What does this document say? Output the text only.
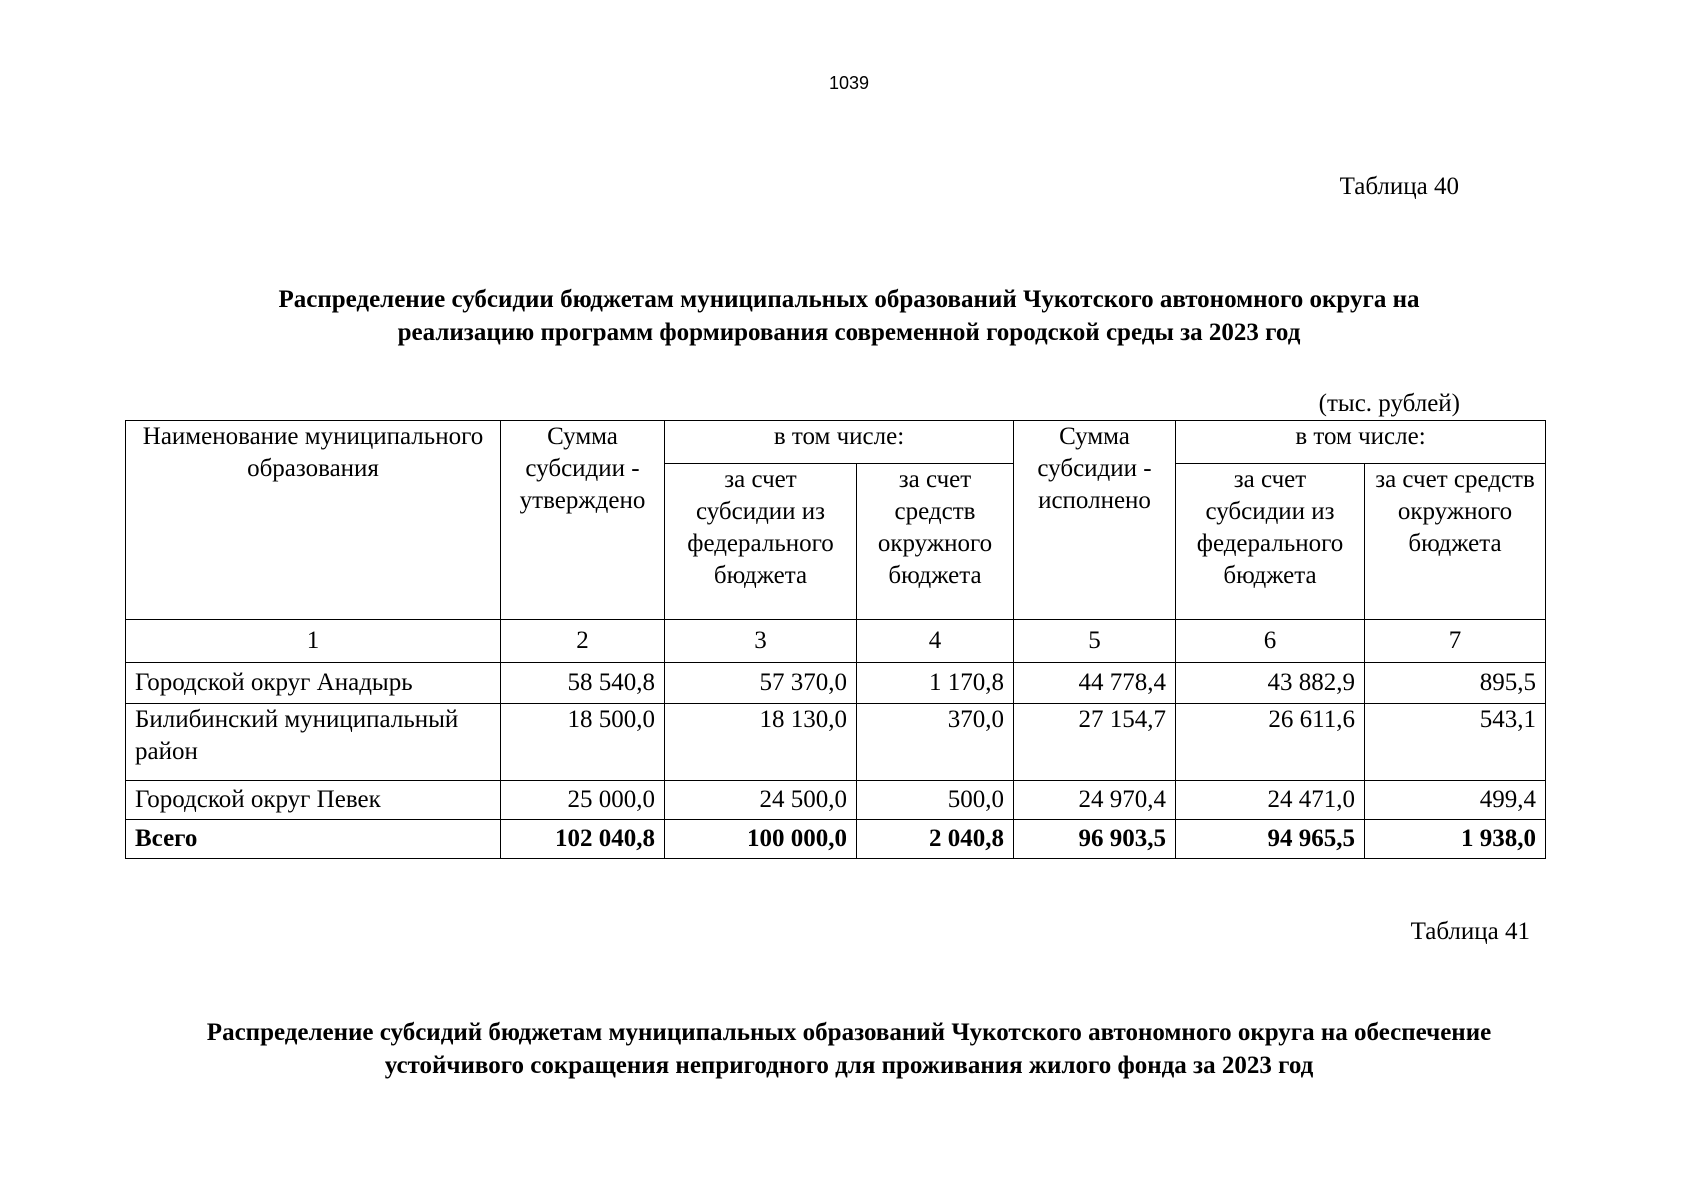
1039
Таблица 40
Распределение субсидии бюджетам муниципальных образований Чукотского автономного округа на
реализацию программ формирования современной городской среды за 2023 год
(тыс. рублей)
Наименование муниципального образования	Сумма субсидии - утверждено	в том числе:		Сумма субсидии - исполнено	в том числе:	
		за счет субсидии из федерального бюджета	за счет средств окружного бюджета		за счет субсидии из федерального бюджета	за счет средств окружного бюджета
1	2	3	4	5	6	7
Городской округ Анадырь	58 540,8	57 370,0	1 170,8	44 778,4	43 882,9	895,5
Билибинский муниципальный район	18 500,0	18 130,0	370,0	27 154,7	26 611,6	543,1
Городской округ Певек	25 000,0	24 500,0	500,0	24 970,4	24 471,0	499,4
Всего	102 040,8	100 000,0	2 040,8	96 903,5	94 965,5	1 938,0
Таблица 41
Распределение субсидий бюджетам муниципальных образований Чукотского автономного округа на обеспечение
устойчивого сокращения непригодного для проживания жилого фонда за 2023 год
